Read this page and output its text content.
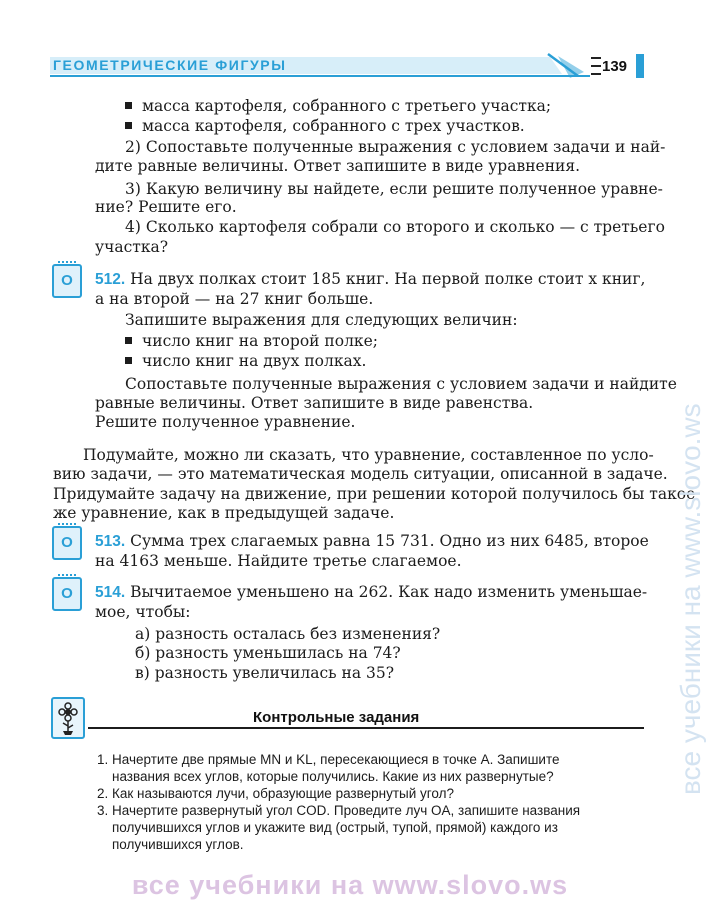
ГЕОМЕТРИЧЕСКИЕ ФИГУРЫ	139
масса картофеля, собранного с третьего участка;
масса картофеля, собранного с трех участков.
2) Сопоставьте полученные выражения с условием задачи и най-
дите равные величины. Ответ запишите в виде уравнения.
3) Какую величину вы найдете, если решите полученное уравне-
ние? Решите его.
4) Сколько картофеля собрали со второго и сколько — с третьего
участка?
О	512. На двух полках стоит 185 книг. На первой полке стоит x книг,
а на второй — на 27 книг больше.
Запишите выражения для следующих величин:
число книг на второй полке;
число книг на двух полках.
Сопоставьте полученные выражения с условием задачи и найдите
равные величины. Ответ запишите в виде равенства.
Решите полученное уравнение.
Подумайте, можно ли сказать, что уравнение, составленное по усло-
вию задачи, — это математическая модель ситуации, описанной в задаче.
Придумайте задачу на движение, при решении которой получилось бы такое
же уравнение, как в предыдущей задаче.
О	513. Сумма трех слагаемых равна 15 731. Одно из них 6485, второе
на 4163 меньше. Найдите третье слагаемое.
О	514. Вычитаемое уменьшено на 262. Как надо изменить уменьшае-
мое, чтобы:
а) разность осталась без изменения?
б) разность уменьшилась на 74?
в) разность увеличилась на 35?
Контрольные задания
1. Начертите две прямые MN и KL, пересекающиеся в точке A. Запишите
названия всех углов, которые получились. Какие из них развернутые?
2. Как называются лучи, образующие развернутый угол?
3. Начертите развернутый угол COD. Проведите луч OA, запишите названия
получившихся углов и укажите вид (острый, тупой, прямой) каждого из
получившихся углов.
все учебники на www.slovo.ws
все учебники на www.slovo.ws
